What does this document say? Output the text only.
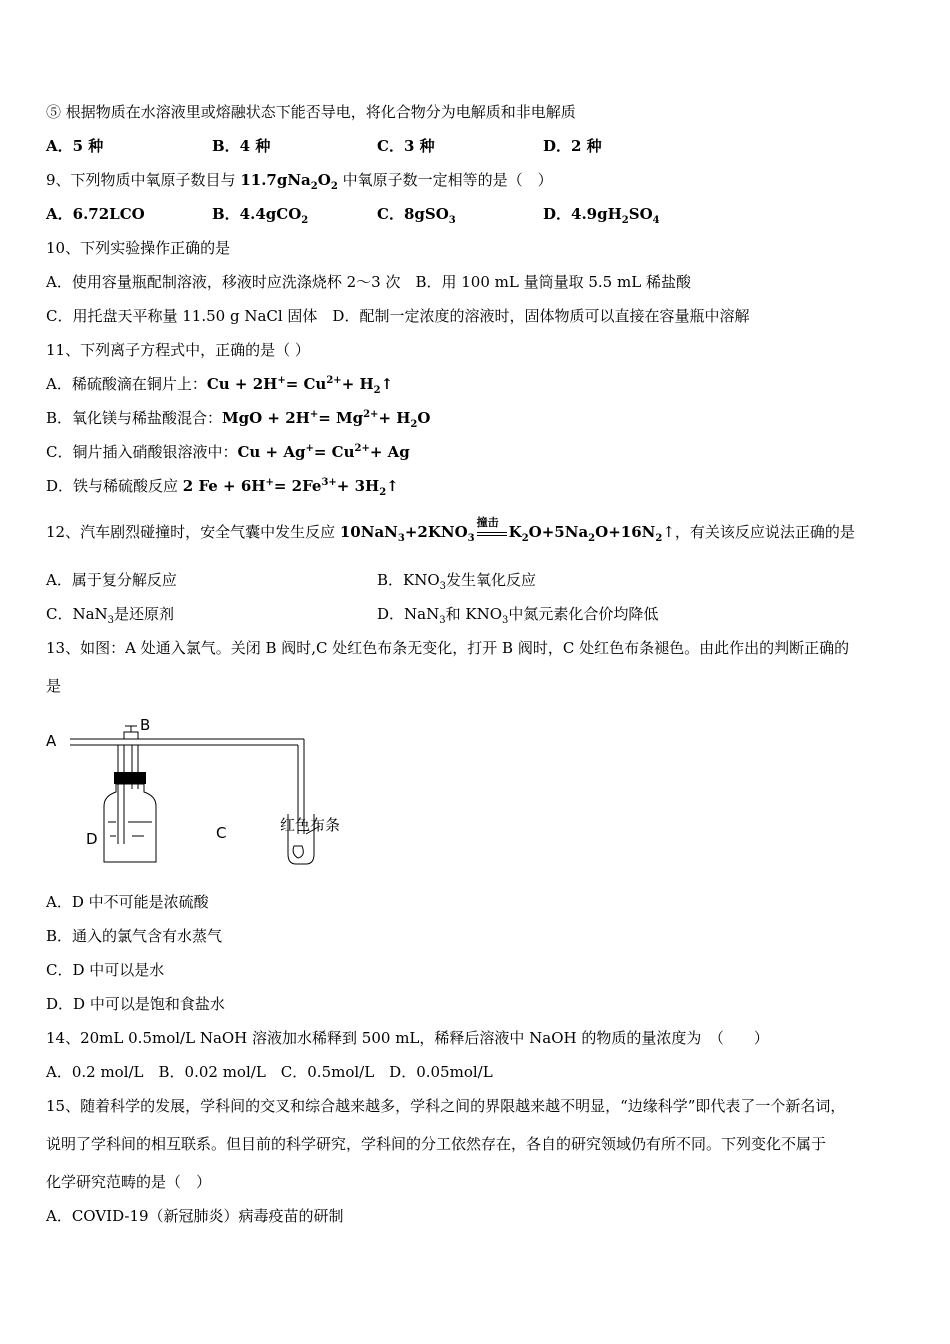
⑤ 根据物质在水溶液里或熔融状态下能否导电，将化合物分为电解质和非电解质
A．5 种	B．4 种	C．3 种	D．2 种
9、下列物质中氧原子数目与 $11.7gNa_2O_2$ 中氧原子数一定相等的是（　）
A．6.72LCO	B．4.4gCO$_2$	C．8gSO$_3$	D．$4.9gH_2SO_4$
10、下列实验操作正确的是
A．使用容量瓶配制溶液，移液时应洗涤烧杯 2～3 次　B．用 100 mL 量筒量取 5.5 mL 稀盐酸
C．用托盘天平称量 11.50 g NaCl 固体　D．配制一定浓度的溶液时，固体物质可以直接在容量瓶中溶解
11、下列离子方程式中，正确的是（ ）
A．稀硫酸滴在铜片上：$Cu + 2H^+= Cu^{2+}+$ $H_2↑$
B．氧化镁与稀盐酸混合：MgO + $2H^+= Mg^{2+}+ H_2O$
C．铜片插入硝酸银溶液中：$Cu + Ag^+= Cu^{2+}+ Ag$
D．铁与稀硫酸反应 2 $Fe + 6H^+= 2Fe^{3+}+$ $3H_2↑$
12、汽车剧烈碰撞时，安全气囊中发生反应 $10NaN_3+2KNO_3$
撞击
$K_2O+5Na_2O+16N_2↑$，有关该反应说法正确的是
A．属于复分解反应	B．$KNO_3$发生氧化反应
C．NaN$_3$是还原剂	D．NaN$_3$和 $KNO_3$中氮元素化合价均降低
13、如图：A 处通入氯气。关闭 B 阀时,C 处红色布条无变化，打开 B 阀时，C 处红色布条褪色。由此作出的判断正确的
是
A
B
C
D
红色布条
A．D 中不可能是浓硫酸
B．通入的氯气含有水蒸气
C．D 中可以是水
D．D 中可以是饱和食盐水
14、20mL 0.5mol/L NaOH 溶液加水稀释到 500 mL，稀释后溶液中 NaOH 的物质的量浓度为　（　　）
A．0.2 mol/L　B．0.02 mol/L　C．0.5mol/L　D．0.05mol/L
15、随着科学的发展，学科间的交叉和综合越来越多，学科之间的界限越来越不明显，“边缘科学”即代表了一个新名词，
说明了学科间的相互联系。但目前的科学研究，学科间的分工依然存在，各自的研究领域仍有所不同。下列变化不属于
化学研究范畴的是（　）
A．COVID-19（新冠肺炎）病毒疫苗的研制
